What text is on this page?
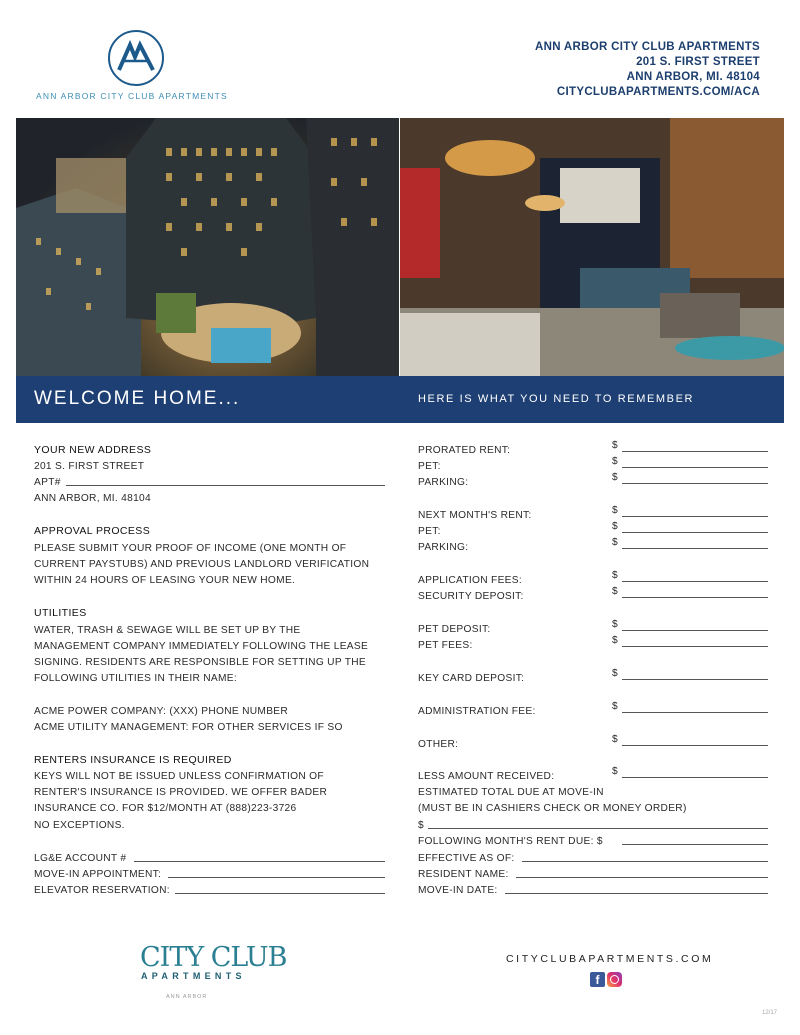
ANN ARBOR CITY CLUB APARTMENTS
ANN ARBOR CITY CLUB APARTMENTS
201 S. FIRST STREET
ANN ARBOR, MI. 48104
CITYCLUBAPARTMENTS.COM/ACA
WELCOME HOME...	HERE IS WHAT YOU NEED TO REMEMBER
YOUR NEW ADDRESS
201 S. FIRST STREET
APT#
ANN ARBOR, MI. 48104
APPROVAL PROCESS
PLEASE SUBMIT YOUR PROOF OF INCOME (ONE MONTH OF
CURRENT PAYSTUBS) AND PREVIOUS LANDLORD VERIFICATION
WITHIN 24 HOURS OF LEASING YOUR NEW HOME.
UTILITIES
WATER, TRASH & SEWAGE WILL BE SET UP BY THE
MANAGEMENT COMPANY IMMEDIATELY FOLLOWING THE LEASE
SIGNING. RESIDENTS ARE RESPONSIBLE FOR SETTING UP THE
FOLLOWING UTILITIES IN THEIR NAME:
ACME POWER COMPANY: (XXX) PHONE NUMBER
ACME UTILITY MANAGEMENT: FOR OTHER SERVICES IF SO
RENTERS INSURANCE IS REQUIRED
KEYS WILL NOT BE ISSUED UNLESS CONFIRMATION OF
RENTER'S INSURANCE IS PROVIDED. WE OFFER BADER
INSURANCE CO. FOR $12/MONTH AT (888)223-3726
NO EXCEPTIONS.
LG&E ACCOUNT #
MOVE-IN APPOINTMENT:
ELEVATOR RESERVATION:
PRORATED RENT:	$
PET:	$
PARKING:	$
NEXT MONTH'S RENT:	$
PET:	$
PARKING:	$
APPLICATION FEES:	$
SECURITY DEPOSIT:	$
PET DEPOSIT:	$
PET FEES:	$
KEY CARD DEPOSIT:	$
ADMINISTRATION FEE:	$
OTHER:	$
LESS AMOUNT RECEIVED:	$
ESTIMATED TOTAL DUE AT MOVE-IN
(MUST BE IN CASHIERS CHECK OR MONEY ORDER)
$
FOLLOWING MONTH'S RENT DUE: $
EFFECTIVE AS OF:
RESIDENT NAME:
MOVE-IN DATE:
CITY CLUB
APARTMENTS
ANN ARBOR
CITYCLUBAPARTMENTS.COM
f
12/17
